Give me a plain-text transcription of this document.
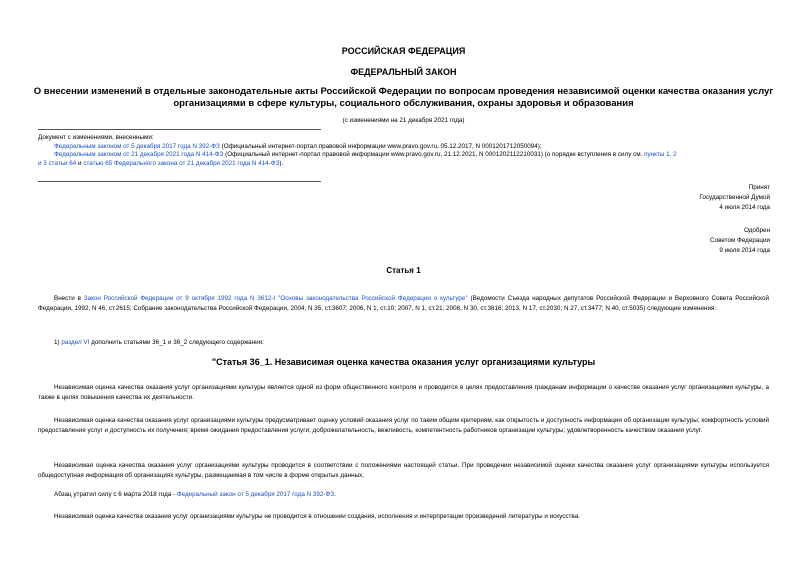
РОССИЙСКАЯ ФЕДЕРАЦИЯ
ФЕДЕРАЛЬНЫЙ ЗАКОН
О внесении изменений в отдельные законодательные акты Российской Федерации по вопросам проведения независимой оценки качества оказания услуг организациями в сфере культуры, социального обслуживания, охраны здоровья и образования
(с изменениями на 21 декабря 2021 года)
Документ с изменениями, внесенными:
Федеральным законом от 5 декабря 2017 года N 392-ФЗ (Официальный интернет-портал правовой информации www.pravo.gov.ru, 05.12.2017, N 0001201712050094);
Федеральным законом от 21 декабря 2021 года N 414-ФЗ (Официальный интернет-портал правовой информации www.pravo.gov.ru, 21.12.2021, N 0001202112210031) (о порядке вступления в силу см. пункты 1, 2
и 3 статьи 64 и статью 65 Федерального закона от 21 декабря 2021 года N 414-ФЗ).
Принят
Государственной Думой
4 июля 2014 года
Одобрен
Советом Федерации
9 июля 2014 года
Статья 1
Внести в Закон Российской Федерации от 9 октября 1992 года N 3612-I "Основы законодательства Российской Федерации о культуре" (Ведомости Съезда народных депутатов Российской Федерации и Верховного Совета Российской Федерации, 1992, N 46, ст.2615; Собрание законодательства Российской Федерации, 2004, N 35, ст.3607; 2006, N 1, ст.10; 2007, N 1, ст.21; 2008, N 30, ст.3616; 2013, N 17, ст.2030; N 27, ст.3477; N 40, ст.5035) следующие изменения:
1) раздел VI дополнить статьями 36_1 и 36_2 следующего содержания:
"Статья 36_1. Независимая оценка качества оказания услуг организациями культуры
Независимая оценка качества оказания услуг организациями культуры является одной из форм общественного контроля и проводится в целях предоставления гражданам информации о качестве оказания услуг организациями культуры, а также в целях повышения качества их деятельности.
Независимая оценка качества оказания услуг организациями культуры предусматривает оценку условий оказания услуг по таким общим критериям, как открытость и доступность информации об организации культуры; комфортность условий предоставления услуг и доступность их получения; время ожидания предоставления услуги; доброжелательность, вежливость, компетентность работников организации культуры; удовлетворенность качеством оказания услуг.
Независимая оценка качества оказания услуг организациями культуры проводится в соответствии с положениями настоящей статьи. При проведении независимой оценки качества оказания услуг организациями культуры используется общедоступная информация об организациях культуры, размещаемая в том числе в форме открытых данных.
Абзац утратил силу с 6 марта 2018 года - Федеральный закон от 5 декабря 2017 года N 392-ФЗ.
Независимая оценка качества оказания услуг организациями культуры не проводится в отношении создания, исполнения и интерпретации произведений литературы и искусства.
